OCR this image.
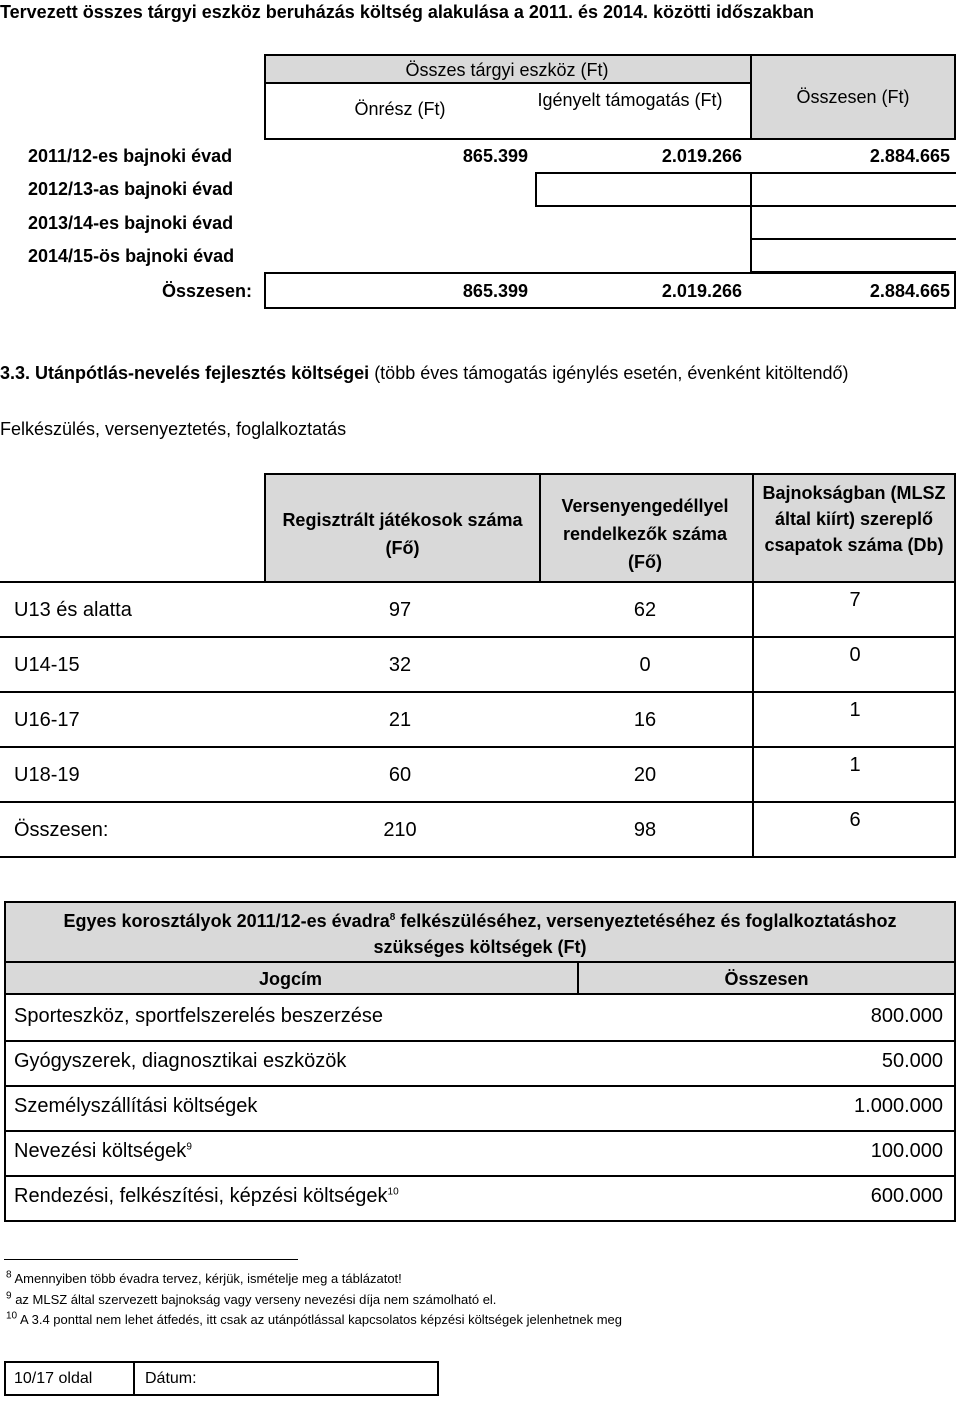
Tervezett összes tárgyi eszköz beruházás költség alakulása a 2011. és 2014. közötti időszakban
Összes tárgyi eszköz (Ft)
Önrész (Ft)	Igényelt támogatás (Ft)	Összesen (Ft)
2011/12-es bajnoki évad	865.399	2.019.266	2.884.665
2012/13-as bajnoki évad
2013/14-es bajnoki évad
2014/15-ös bajnoki évad
Összesen:	865.399	2.019.266	2.884.665
3.3. Utánpótlás-nevelés fejlesztés költségei (több éves támogatás igénylés esetén, évenként kitöltendő)
Felkészülés, versenyeztetés, foglalkoztatás
Regisztrált játékosok száma (Fő)
Versenyengedéllyel rendelkezők száma (Fő)
Bajnokságban (MLSZ által kiírt) szereplő csapatok száma (Db)
U13 és alatta	97	62	7
U14-15	32	0	0
U16-17	21	16	1
U18-19	60	20	1
Összesen:	210	98	6
Egyes korosztályok 2011/12-es évadra$^8$ felkészüléséhez, versenyeztetéséhez és foglalkoztatáshoz
szükséges költségek (Ft)
Jogcím	Összesen
Sporteszköz, sportfelszerelés beszerzése	800.000
Gyógyszerek, diagnosztikai eszközök	50.000
Személyszállítási költségek	1.000.000
Nevezési költségek$^9$	100.000
Rendezési, felkészítési, képzési költségek$^{10}$	600.000
$^8$ Amennyiben több évadra tervez, kérjük, ismételje meg a táblázatot!
$^9$ az MLSZ által szervezett bajnokság vagy verseny nevezési díja nem számolható el.
$^{10}$ A 3.4 ponttal nem lehet átfedés, itt csak az utánpótlással kapcsolatos képzési költségek jelenhetnek meg
10/17 oldal	Dátum:
